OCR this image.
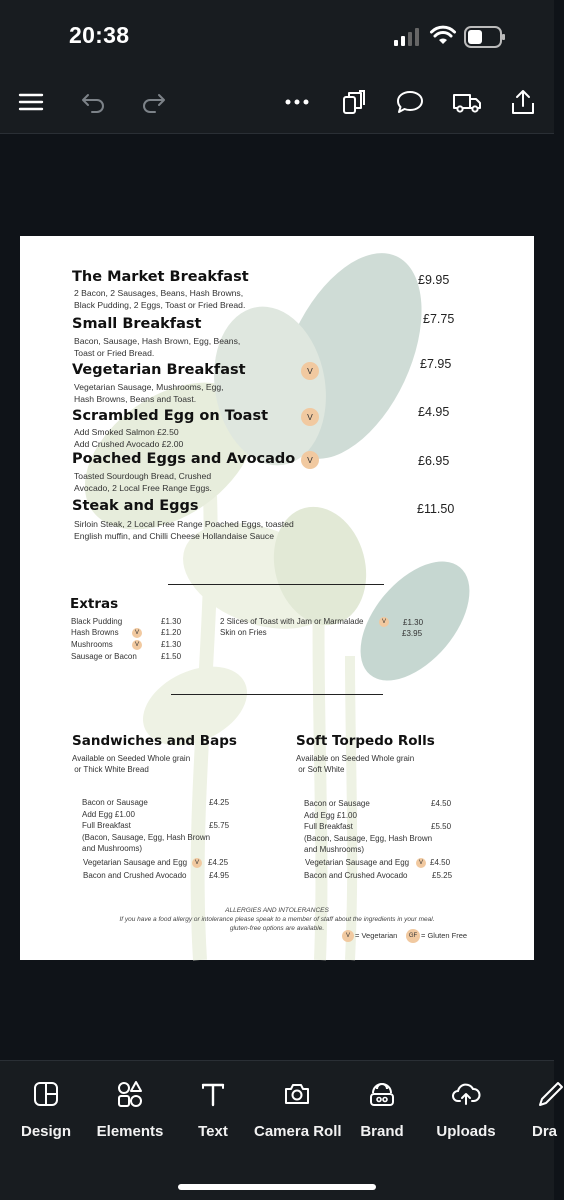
20:38
The Market Breakfast
2 Bacon, 2 Sausages, Beans, Hash Browns,
Black Pudding, 2 Eggs, Toast or Fried Bread.
£9.95
Small Breakfast
Bacon, Sausage, Hash Brown, Egg, Beans,
Toast or Fried Bread.
£7.75
Vegetarian Breakfast	V
Vegetarian Sausage, Mushrooms, Egg,
Hash Browns, Beans and Toast.
£7.95
Scrambled Egg on Toast	V
Add Smoked Salmon £2.50
Add Crushed Avocado £2.00
£4.95
Poached Eggs and Avocado	V
Toasted Sourdough Bread, Crushed
Avocado, 2 Local Free Range Eggs.
£6.95
Steak and Eggs
Sirloin Steak, 2 Local Free Range Poached Eggs, toasted
English muffin, and Chilli Cheese Hollandaise Sauce
£11.50
Extras
Black Pudding	£1.30
Hash Browns	V	£1.20
Mushrooms	V	£1.30
Sausage or Bacon	£1.50
2 Slices of Toast with Jam or Marmalade	V	£1.30
Skin on Fries	£3.95
Sandwiches and Baps
Available on Seeded Whole grain
or Thick White Bread
Bacon or Sausage	£4.25
Add Egg £1.00
Full Breakfast	£5.75
(Bacon, Sausage, Egg, Hash Brown
and Mushrooms)
Vegetarian Sausage and Egg	V	£4.25
Bacon and Crushed Avocado	£4.95
Soft Torpedo Rolls
Available on Seeded Whole grain
or Soft White
Bacon or Sausage	£4.50
Add Egg £1.00
Full Breakfast	£5.50
(Bacon, Sausage, Egg, Hash Brown
and Mushrooms)
Vegetarian Sausage and Egg	V £4.50
Bacon and Crushed Avocado	£5.25
ALLERGIES AND INTOLERANCES
If you have a food allergy or intolerance please speak to a member of staff about the ingredients in your meal.
gluten-free options are available.
V = Vegetarian	GF = Gluten Free
Design Elements	Text	Camera Roll Brand Uploads Dra
